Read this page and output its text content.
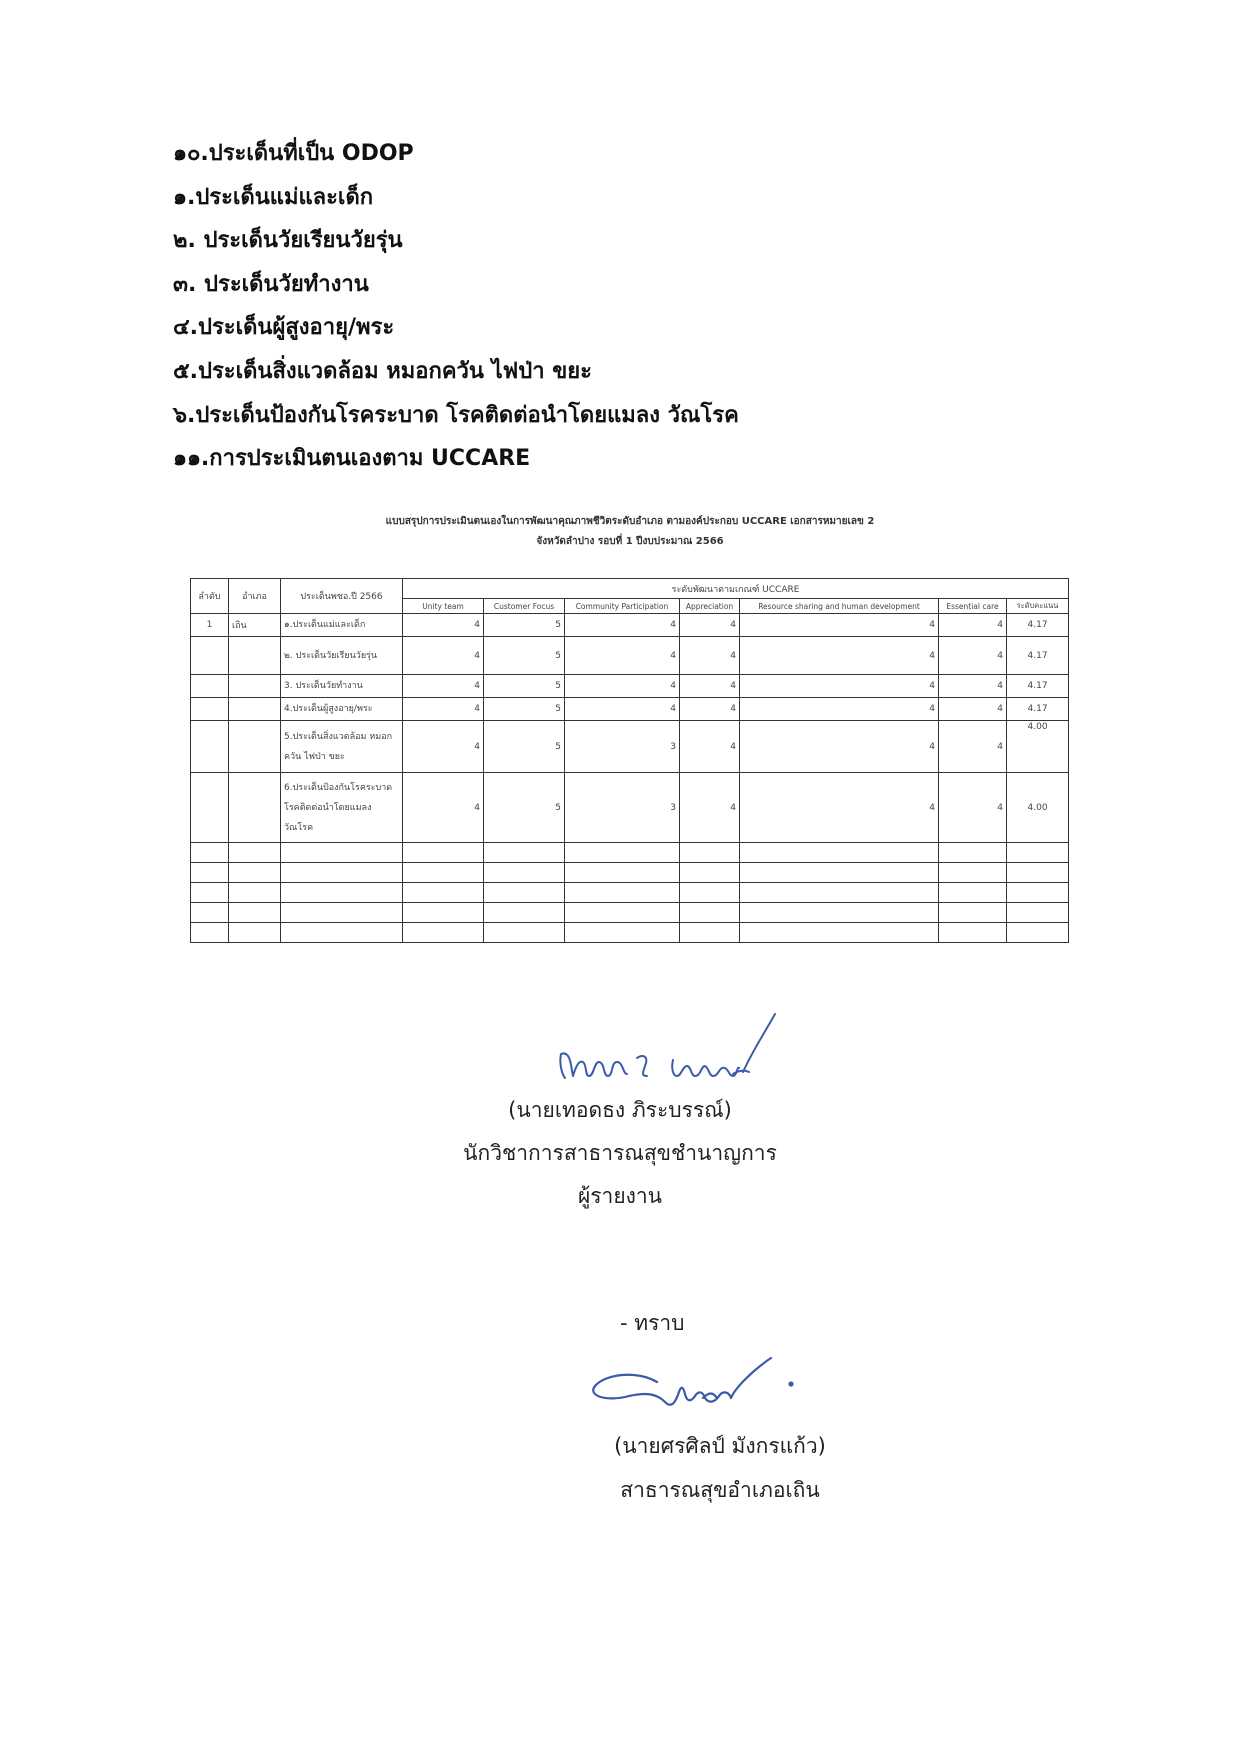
๑๐.ประเด็นที่เป็น ODOP
๑.ประเด็นแม่และเด็ก
๒. ประเด็นวัยเรียนวัยรุ่น
๓. ประเด็นวัยทำงาน
๔.ประเด็นผู้สูงอายุ/พระ
๕.ประเด็นสิ่งแวดล้อม หมอกควัน ไฟป่า ขยะ
๖.ประเด็นป้องกันโรคระบาด โรคติดต่อนำโดยแมลง วัณโรค
๑๑.การประเมินตนเองตาม UCCARE
แบบสรุปการประเมินตนเองในการพัฒนาคุณภาพชีวิตระดับอำเภอ ตามองค์ประกอบ UCCARE เอกสารหมายเลข 2
จังหวัดลำปาง รอบที่ 1 ปีงบประมาณ 2566
ลำดับ	อำเภอ	ประเด็นพชอ.ปี 2566	ระดับพัฒนาตามเกณฑ์ UCCARE						
			Unity team	Customer Focus	Community Participation	Appreciation	Resource sharing and human development	Essential care	ระดับคะแนน
1	เถิน	๑.ประเด็นแม่และเด็ก	4	5	4	4	4	4	4.17
		๒. ประเด็นวัยเรียนวัยรุ่น	4	5	4	4	4	4	4.17
		3. ประเด็นวัยทำงาน	4	5	4	4	4	4	4.17
		4.ประเด็นผู้สูงอายุ/พระ	4	5	4	4	4	4	4.17
		5.ประเด็นสิ่งแวดล้อม หมอกควัน ไฟป่า ขยะ	4	5	3	4	4	4	4.00
		6.ประเด็นป้องกันโรคระบาด โรคติดต่อนำโดยแมลง วัณโรค	4	5	3	4	4	4	4.00

(นายเทอดธง ภิระบรรณ์)
นักวิชาการสาธารณสุขชำนาญการ
ผู้รายงาน
- ทราบ
(นายศรศิลป์ มังกรแก้ว)
สาธารณสุขอำเภอเถิน
